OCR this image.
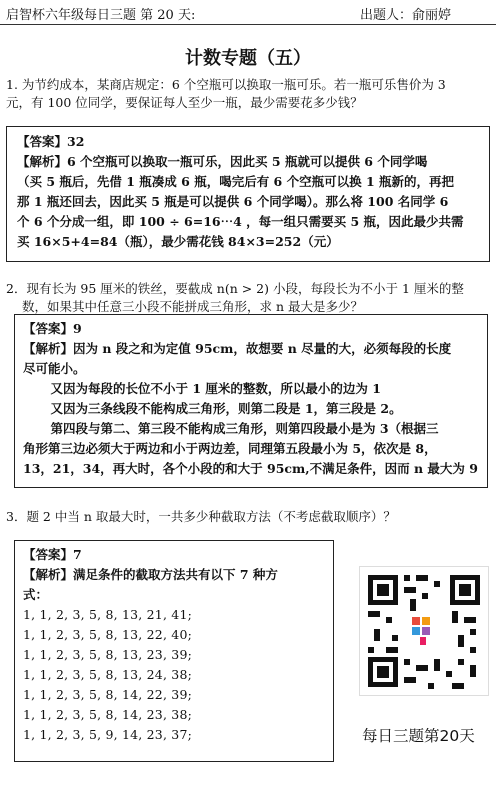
启智杯六年级每日三题 第 20 天:	出题人：俞丽婷
计数专题（五）
1. 为节约成本，某商店规定：6 个空瓶可以换取一瓶可乐。若一瓶可乐售价为 3
元，有 100 位同学，要保证每人至少一瓶，最少需要花多少钱？

【答案】32

【解析】6 个空瓶可以换取一瓶可乐，因此买 5 瓶就可以提供 6 个同学喝

（买 5 瓶后，先借 1 瓶凑成 6 瓶，喝完后有 6 个空瓶可以换 1 瓶新的，再把

那 1 瓶还回去，因此买 5 瓶是可以提供 6 个同学喝）。那么将 100 名同学 6

个 6 个分成一组，即 100 ÷ 6=16⋯4 ，每一组只需要买 5 瓶，因此最少共需

买 16×5+4=84（瓶），最少需花钱 84×3=252（元）

2．现有长为 95 厘米的铁丝，要截成 n(n > 2) 小段，每段长为不小于 1 厘米的整
数，如果其中任意三小段不能拼成三角形，求 n 最大是多少？

【答案】9

【解析】因为 n 段之和为定值 95cm，故想要 n 尽量的大，必须每段的长度

尽可能小。

又因为每段的长位不小于 1 厘米的整数，所以最小的边为 1

又因为三条线段不能构成三角形，则第二段是 1，第三段是 2。

第四段与第二、第三段不能构成三角形，则第四段最小是为 3（根据三

角形第三边必须大于两边和小于两边差，同理第五段最小为 5，依次是 8，

13，21，34，再大时，各个小段的和大于 95cm,不满足条件，因而 n 最大为 9

3．题 2 中当 n 取最大时，一共多少种截取方法（不考虑截取顺序）？

【答案】7

【解析】满足条件的截取方法共有以下 7 种方

式：

1, 1, 2, 3, 5, 8, 13, 21, 41;

1, 1, 2, 3, 5, 8, 13, 22, 40;

1, 1, 2, 3, 5, 8, 13, 23, 39;

1, 1, 2, 3, 5, 8, 13, 24, 38;

1, 1, 2, 3, 5, 8, 14, 22, 39;

1, 1, 2, 3, 5, 8, 14, 23, 38;

1, 1, 2, 3, 5, 9, 14, 23, 37;	每日三题第20天
